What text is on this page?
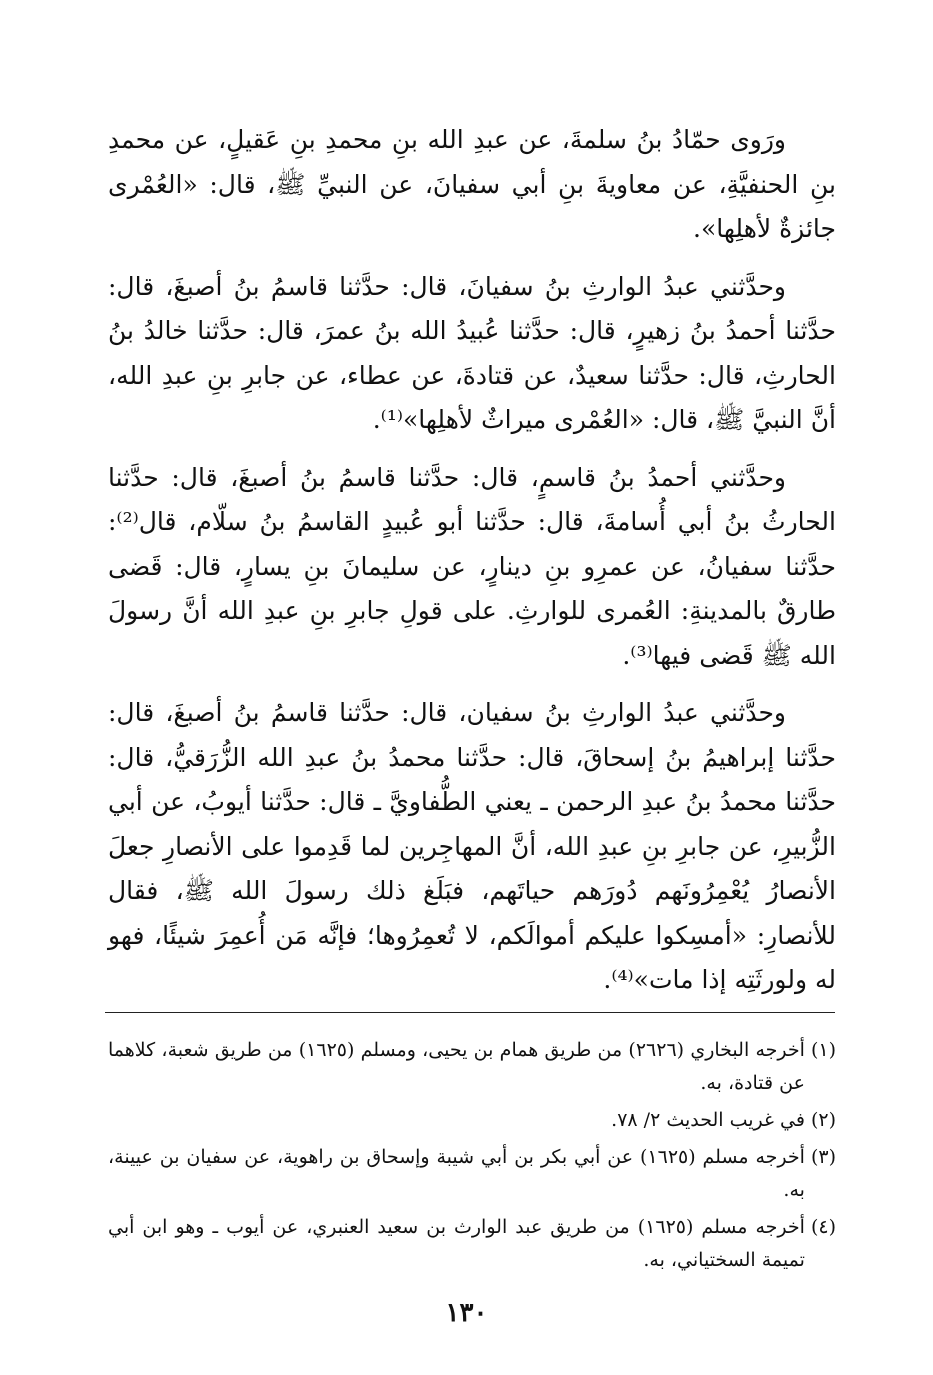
ورَوى حمّادُ بنُ سلمةَ، عن عبدِ الله بنِ محمدِ بنِ عَقيلٍ، عن محمدِ بنِ الحنفيَّةِ، عن معاويةَ بنِ أبي سفيانَ، عن النبيِّ ﷺ، قال: «العُمْرى جائزةٌ لأهلِها».

وحدَّثني عبدُ الوارثِ بنُ سفيانَ، قال: حدَّثنا قاسمُ بنُ أصبغَ، قال: حدَّثنا أحمدُ بنُ زهيرٍ، قال: حدَّثنا عُبيدُ الله بنُ عمرَ، قال: حدَّثنا خالدُ بنُ الحارثِ، قال: حدَّثنا سعيدٌ، عن قتادةَ، عن عطاء، عن جابرِ بنِ عبدِ الله، أنَّ النبيَّ ﷺ، قال: «العُمْرى ميراثٌ لأهلِها»⁽¹⁾.

وحدَّثني أحمدُ بنُ قاسمٍ، قال: حدَّثنا قاسمُ بنُ أصبغَ، قال: حدَّثنا الحارثُ بنُ أبي أُسامةَ، قال: حدَّثنا أبو عُبيدٍ القاسمُ بنُ سلّام، قال⁽²⁾: حدَّثنا سفيانُ، عن عمرِو بنِ دينارٍ، عن سليمانَ بنِ يسارٍ، قال: قَضى طارقٌ بالمدينةِ: العُمرى للوارثِ. على قولِ جابرِ بنِ عبدِ الله أنَّ رسولَ الله ﷺ قَضى فيها⁽³⁾.

وحدَّثني عبدُ الوارثِ بنُ سفيان، قال: حدَّثنا قاسمُ بنُ أصبغَ، قال: حدَّثنا إبراهيمُ بنُ إسحاقَ، قال: حدَّثنا محمدُ بنُ عبدِ الله الزُّرَقيُّ، قال: حدَّثنا محمدُ بنُ عبدِ الرحمن ـ يعني الطُّفاويَّ ـ قال: حدَّثنا أيوبُ، عن أبي الزُّبيرِ، عن جابرِ بنِ عبدِ الله، أنَّ المهاجِرين لما قَدِموا على الأنصارِ جعلَ الأنصارُ يُعْمِرُونَهم دُورَهم حياتَهم، فبَلَغ ذلك رسولَ الله ﷺ، فقال للأنصارِ: «أمسِكوا عليكم أموالَكم، لا تُعمِرُوها؛ فإنَّه مَن أُعمِرَ شيئًا، فهو له ولورثَتِه إذا مات»⁽⁴⁾.

(١)
أخرجه البخاري (٢٦٢٦) من طريق همام بن يحيى، ومسلم (١٦٢٥) من طريق شعبة، كلاهما عن قتادة، به.
(٢)
في غريب الحديث ٢/ ٧٨.
(٣)
أخرجه مسلم (١٦٢٥) عن أبي بكر بن أبي شيبة وإسحاق بن راهوية، عن سفيان بن عيينة، به.
(٤)
أخرجه مسلم (١٦٢٥) من طريق عبد الوارث بن سعيد العنبري، عن أيوب ـ وهو ابن أبي تميمة السختياني، به.
١٣٠
